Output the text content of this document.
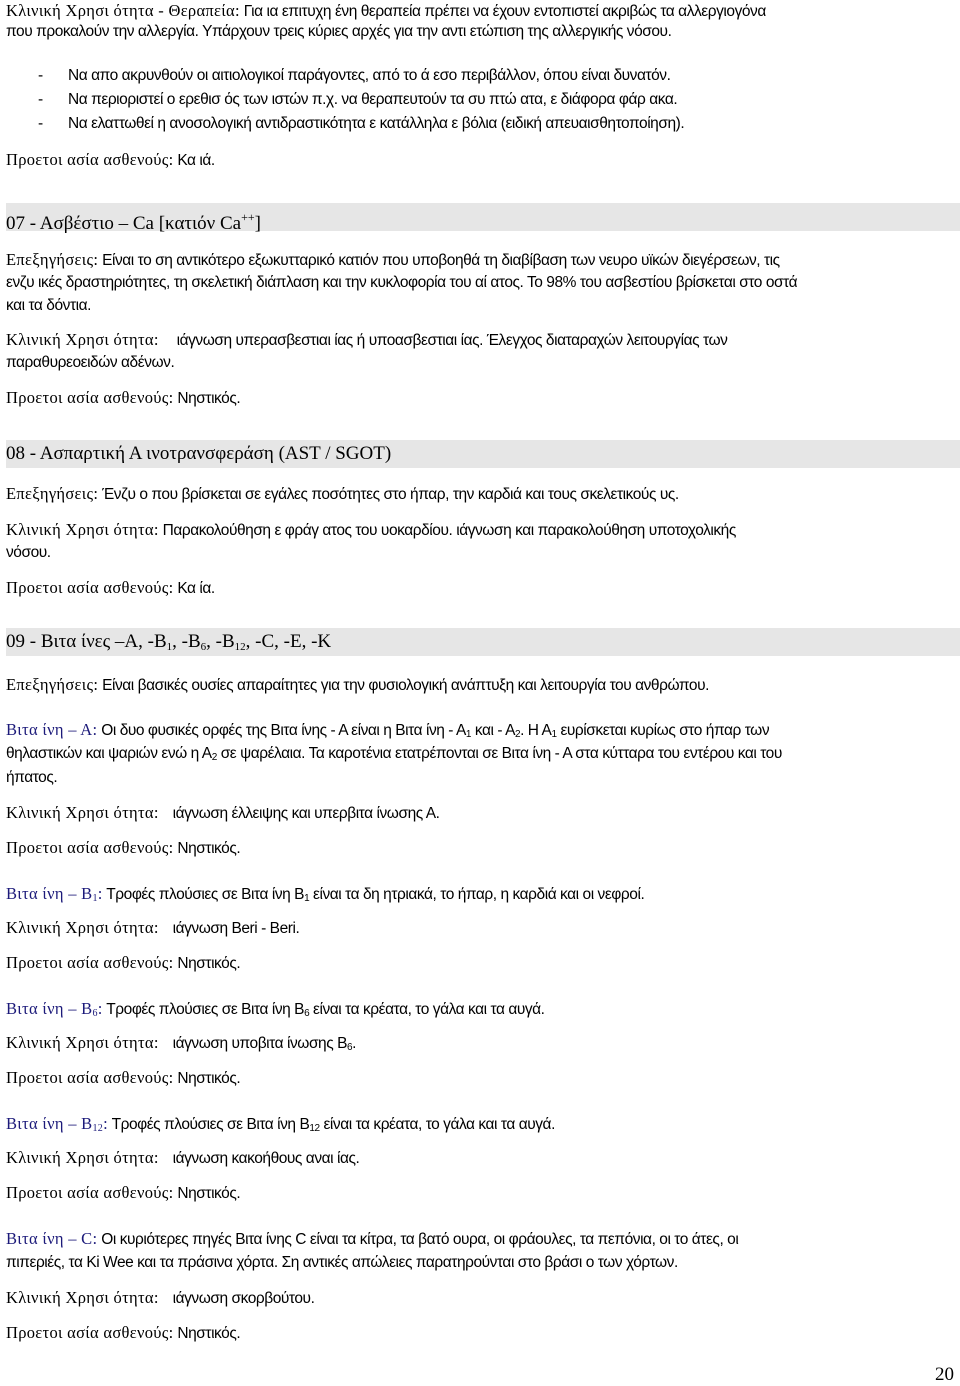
Κλινική Χρησι ότητα - Θεραπεία: Για ια επιτυχη ένη θεραπεία πρέπει να έχουν εντοπιστεί ακριβώς τα αλλεργιογόνα
που προκαλούν την αλλεργία. Υπάρχουν τρεις κύριες αρχές για την αντι ετώπιση της αλλεργικής νόσου.
- Να απο ακρυνθούν οι αιτιολογικοί παράγοντες, από το ά εσο περιβάλλον, όπου είναι δυνατόν.
- Να περιοριστεί ο ερεθισ ός των ιστών π.χ. να θεραπευτούν τα συ πτώ ατα, ε διάφορα φάρ ακα.
- Να ελαττωθεί η ανοσολογική αντιδραστικότητα ε κατάλληλα ε βόλια (ειδική απευαισθητοποίηση).
Προετοι ασία ασθενούς: Κα ιά.
07 - Ασβέστιο – Ca [κατιόν Ca++]
Επεξηγήσεις: Είναι το ση αντικότερο εξωκυτταρικό κατιόν που υποβοηθά τη διαβίβαση των νευρο υϊκών διεγέρσεων, τις
ενζυ ικές δραστηριότητες, τη σκελετική διάπλαση και την κυκλοφορία του αί ατος. Το 98% του ασβεστίου βρίσκεται στο οστά
και τα δόντια.
Κλινική Χρησι ότητα: ιάγνωση υπερασβεστιαι ίας ή υποασβεστιαι ίας. Έλεγχος διαταραχών λειτουργίας των
παραθυρεοειδών αδένων.
Προετοι ασία ασθενούς: Νηστικός.
08 - Ασπαρτική Α ινοτρανσφεράση (AST / SGOT)
Επεξηγήσεις: Ένζυ ο που βρίσκεται σε εγάλες ποσότητες στο ήπαρ, την καρδιά και τους σκελετικούς υς.
Κλινική Χρησι ότητα: Παρακολούθηση ε φράγ ατος του υοκαρδίου. ιάγνωση και παρακολούθηση υποτοχολικής
νόσου.
Προετοι ασία ασθενούς: Κα ία.
09 - Βιτα ίνες –Α, $-B_1$, $-B_6$, $-B_{12}$, -C, -E, -K
Επεξηγήσεις: Είναι βασικές ουσίες απαραίτητες για την φυσιολογική ανάπτυξη και λειτουργία του ανθρώπου.
Βιτα ίνη – Α: Οι δυο φυσικές ορφές της Βιτα ίνης - Α είναι η Βιτα ίνη - Α1 και - Α2. Η Α1 ευρίσκεται κυρίως στο ήπαρ των
θηλαστικών και ψαριών ενώ η Α2 σε ψαρέλαια. Τα καροτένια ετατρέπονται σε Βιτα ίνη - Α στα κύτταρα του εντέρου και του
ήπατος.
Κλινική Χρησι ότητα: ιάγνωση έλλειψης και υπερβιτα ίνωσης Α.
Προετοι ασία ασθενούς: Νηστικός.
Βιτα ίνη – Β1: Τροφές πλούσιες σε Βιτα ίνη Β1 είναι τα δη ητριακά, το ήπαρ, η καρδιά και οι νεφροί.
Κλινική Χρησι ότητα: ιάγνωση Beri - Beri.
Προετοι ασία ασθενούς: Νηστικός.
Βιτα ίνη – Β6: Τροφές πλούσιες σε Βιτα ίνη Β6 είναι τα κρέατα, το γάλα και τα αυγά.
Κλινική Χρησι ότητα: ιάγνωση υποβιτα ίνωσης Β6.
Προετοι ασία ασθενούς: Νηστικός.
Βιτα ίνη – Β12: Τροφές πλούσιες σε Βιτα ίνη Β12 είναι τα κρέατα, το γάλα και τα αυγά.
Κλινική Χρησι ότητα: ιάγνωση κακοήθους αναι ίας.
Προετοι ασία ασθενούς: Νηστικός.
Βιτα ίνη – C: Οι κυριότερες πηγές Βιτα ίνης C είναι τα κίτρα, τα βατό ουρα, οι φράουλες, τα πεπόνια, οι το άτες, οι
πιπεριές, τα Ki Wee και τα πράσινα χόρτα. Ση αντικές απώλειες παρατηρούνται στο βράσι ο των χόρτων.
Κλινική Χρησι ότητα: ιάγνωση σκορβούτου.
Προετοι ασία ασθενούς: Νηστικός.
20
